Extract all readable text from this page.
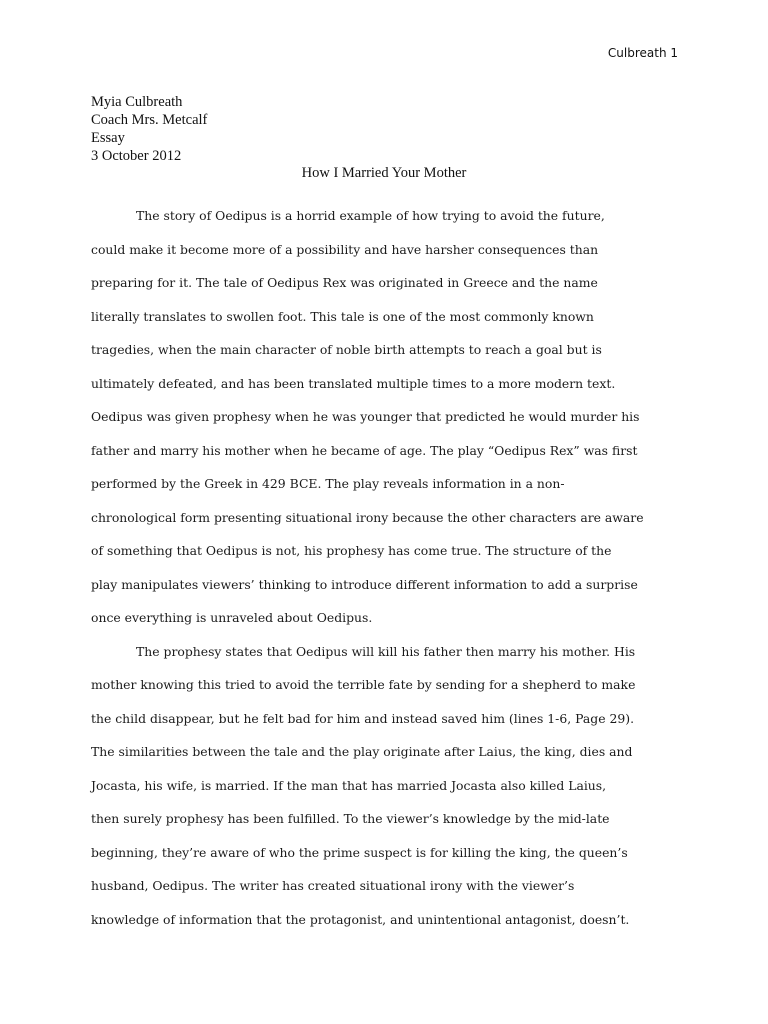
Culbreath 1
Myia Culbreath
Coach Mrs. Metcalf
Essay
3 October 2012
How I Married Your Mother
The story of Oedipus is a horrid example of how trying to avoid the future,
could make it become more of a possibility and have harsher consequences than
preparing for it. The tale of Oedipus Rex was originated in Greece and the name
literally translates to swollen foot. This tale is one of the most commonly known
tragedies, when the main character of noble birth attempts to reach a goal but is
ultimately defeated, and has been translated multiple times to a more modern text.
Oedipus was given prophesy when he was younger that predicted he would murder his
father and marry his mother when he became of age. The play “Oedipus Rex” was first
performed by the Greek in 429 BCE. The play reveals information in a non-
chronological form presenting situational irony because the other characters are aware
of something that Oedipus is not, his prophesy has come true. The structure of the
play manipulates viewers’ thinking to introduce different information to add a surprise
once everything is unraveled about Oedipus.
The prophesy states that Oedipus will kill his father then marry his mother. His
mother knowing this tried to avoid the terrible fate by sending for a shepherd to make
the child disappear, but he felt bad for him and instead saved him (lines 1-6, Page 29).
The similarities between the tale and the play originate after Laius, the king, dies and
Jocasta, his wife, is married. If the man that has married Jocasta also killed Laius,
then surely prophesy has been fulfilled. To the viewer’s knowledge by the mid-late
beginning, they’re aware of who the prime suspect is for killing the king, the queen’s
husband, Oedipus. The writer has created situational irony with the viewer’s
knowledge of information that the protagonist, and unintentional antagonist, doesn’t.
